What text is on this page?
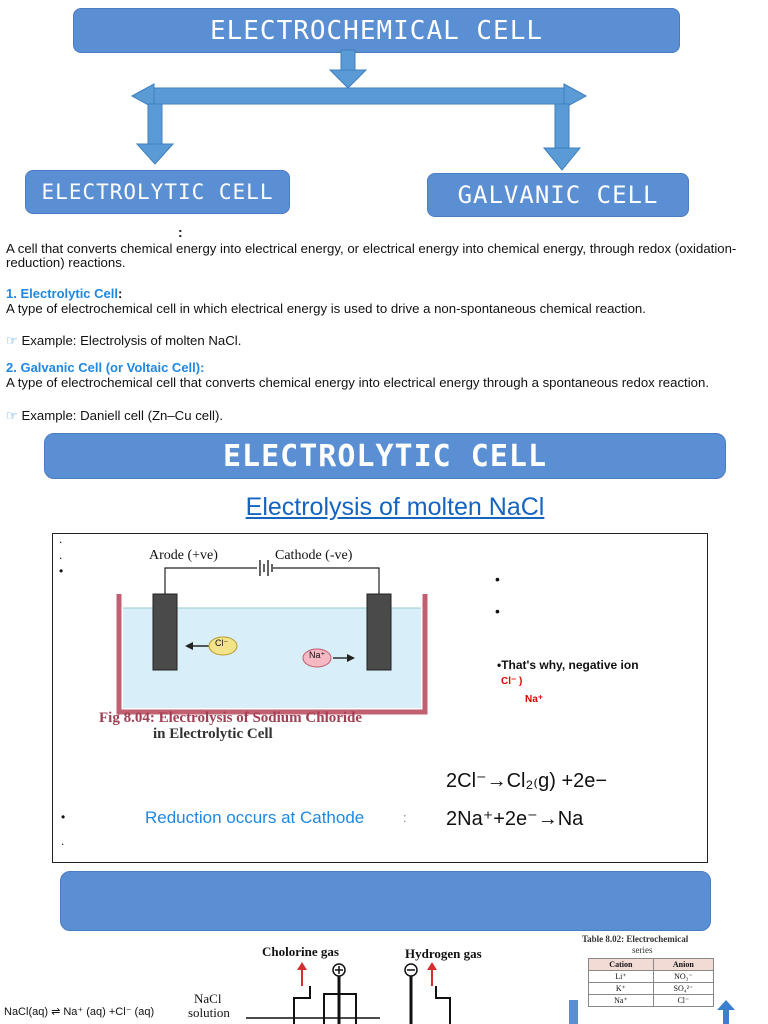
ELECTROCHEMICAL CELL
ELECTROLYTIC CELL	GALVANIC CELL
:
A cell that converts chemical energy into electrical energy, or electrical energy into chemical energy, through redox (oxidation-reduction) reactions.
1. Electrolytic Cell:
A type of electrochemical cell in which electrical energy is used to drive a non-spontaneous chemical reaction.
☞ Example: Electrolysis of molten NaCl.
2. Galvanic Cell (or Voltaic Cell):
A type of electrochemical cell that converts chemical energy into electrical energy through a spontaneous redox reaction.
☞ Example: Daniell cell (Zn–Cu cell).
ELECTROLYTIC CELL
Electrolysis of molten NaCl
.
.
•
Arode (+ve)	Cathode (-ve)
Cl⁻
Na⁺
Fig 8.04: Electrolysis of Sodium Chloride
in Electrolytic Cell
•
•
•That's why, negative ion
Cl⁻ )
Na⁺
2Cl⁻→Cl₂₍g) +2e−
•	Reduction occurs at Cathode	: 2Na⁺+2e⁻→Na
.
Cholorine gas	Hydrogen gas
NaCl
solution
NaCl(aq) ⇌ Na⁺ (aq) +Cl⁻ (aq)
Table 8.02: Electrochemical
series
Cation	Anion
Li⁺	NO₃⁻
K⁺	SO₄²⁻
Na⁺	Cl⁻
